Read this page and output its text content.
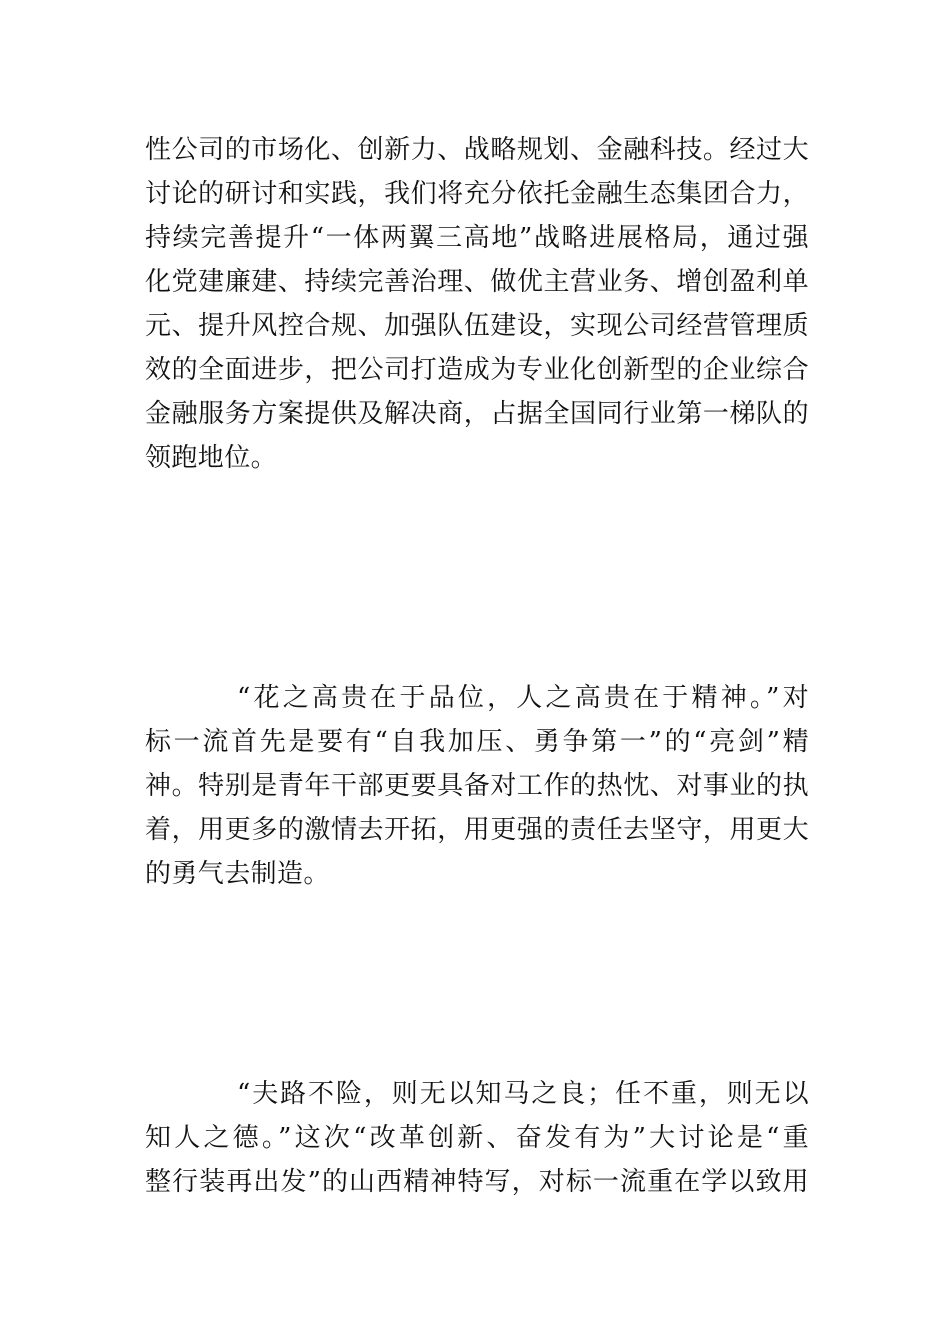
性公司的市场化、创新力、战略规划、金融科技。经过大
讨论的研讨和实践，我们将充分依托金融生态集团合力，
持续完善提升“一体两翼三高地”战略进展格局，通过强
化党建廉建、持续完善治理、做优主营业务、增创盈利单
元、提升风控合规、加强队伍建设，实现公司经营管理质
效的全面进步，把公司打造成为专业化创新型的企业综合
金融服务方案提供及解决商，占据全国同行业第一梯队的
领跑地位。

“花之高贵在于品位，人之高贵在于精神。”对
标一流首先是要有“自我加压、勇争第一”的“亮剑”精
神。特别是青年干部更要具备对工作的热忱、对事业的执
着，用更多的激情去开拓，用更强的责任去坚守，用更大
的勇气去制造。

“夫路不险，则无以知马之良；任不重，则无以
知人之德。”这次“改革创新、奋发有为”大讨论是“重
整行装再出发”的山西精神特写，对标一流重在学以致用
